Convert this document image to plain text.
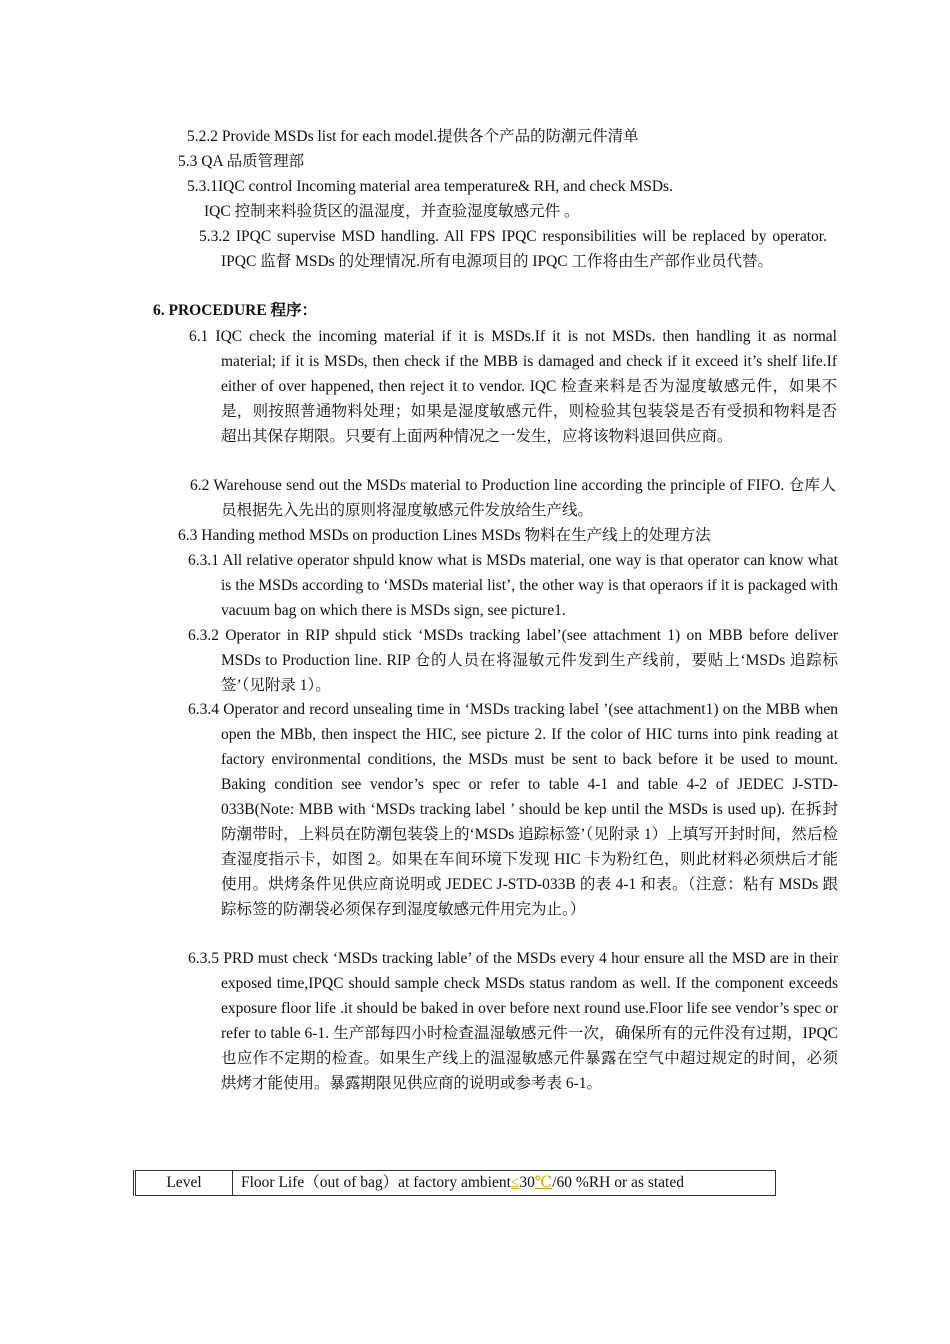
5.2.2 Provide MSDs list for each model.提供各个产品的防潮元件清单
5.3 QA 品质管理部
5.3.1IQC control Incoming material area temperature& RH, and check MSDs.
IQC 控制来料验货区的温湿度，并查验湿度敏感元件 。
5.3.2 IPQC supervise MSD handling. All FPS IPQC responsibilities will be replaced by operator. IPQC 监督 MSDs 的处理情况.所有电源项目的 IPQC 工作将由生产部作业员代替。
6. PROCEDURE 程序：
6.1 IQC check the incoming material if it is MSDs.If it is not MSDs. then handling it as normal material; if it is MSDs, then check if the MBB is damaged and check if it exceed it’s shelf life.If either of over happened, then reject it to vendor. IQC 检查来料是否为湿度敏感元件，如果不是，则按照普通物料处理；如果是湿度敏感元件，则检验其包装袋是否有受损和物料是否超出其保存期限。只要有上面两种情况之一发生，应将该物料退回供应商。
6.2 Warehouse send out the MSDs material to Production line according the principle of FIFO. 仓库人员根据先入先出的原则将湿度敏感元件发放给生产线。
6.3 Handing method MSDs on production Lines MSDs 物料在生产线上的处理方法
6.3.1 All relative operator shpuld know what is MSDs material, one way is that operator can know what is the MSDs according to ‘MSDs material list’, the other way is that operaors if it is packaged with vacuum bag on which there is MSDs sign, see picture1.
6.3.2 Operator in RIP shpuld stick ‘MSDs tracking label’(see attachment 1) on MBB before deliver MSDs to Production line. RIP 仓的人员在将湿敏元件发到生产线前，要贴上‘MSDs 追踪标签’（见附录 1）。
6.3.4 Operator and record unsealing time in ‘MSDs tracking label ’(see attachment1) on the MBB when open the MBb, then inspect the HIC, see picture 2. If the color of HIC turns into pink reading at factory environmental conditions, the MSDs must be sent to back before it be used to mount. Baking condition see vendor’s spec or refer to table 4-1 and table 4-2 of JEDEC J-STD-033B(Note: MBB with ‘MSDs tracking label ’ should be kep until the MSDs is used up). 在拆封防潮带时，上料员在防潮包装袋上的‘MSDs 追踪标签’（见附录 1）上填写开封时间，然后检查湿度指示卡，如图 2。如果在车间环境下发现 HIC 卡为粉红色，则此材料必须烘后才能使用。烘烤条件见供应商说明或 JEDEC J-STD-033B 的表 4-1 和表。（注意：粘有 MSDs 跟踪标签的防潮袋必须保存到湿度敏感元件用完为止。）
6.3.5 PRD must check ‘MSDs tracking lable’ of the MSDs every 4 hour ensure all the MSD are in their exposed time,IPQC should sample check MSDs status random as well. If the component exceeds exposure floor life .it should be baked in over before next round use.Floor life see vendor’s spec or refer to table 6-1. 生产部每四小时检查温湿敏感元件一次，确保所有的元件没有过期，IPQC 也应作不定期的检查。如果生产线上的温湿敏感元件暴露在空气中超过规定的时间，必须烘烤才能使用。暴露期限见供应商的说明或参考表 6-1。
Level	Floor Life（out of bag）at factory ambient≤30℃/60 %RH or as stated
